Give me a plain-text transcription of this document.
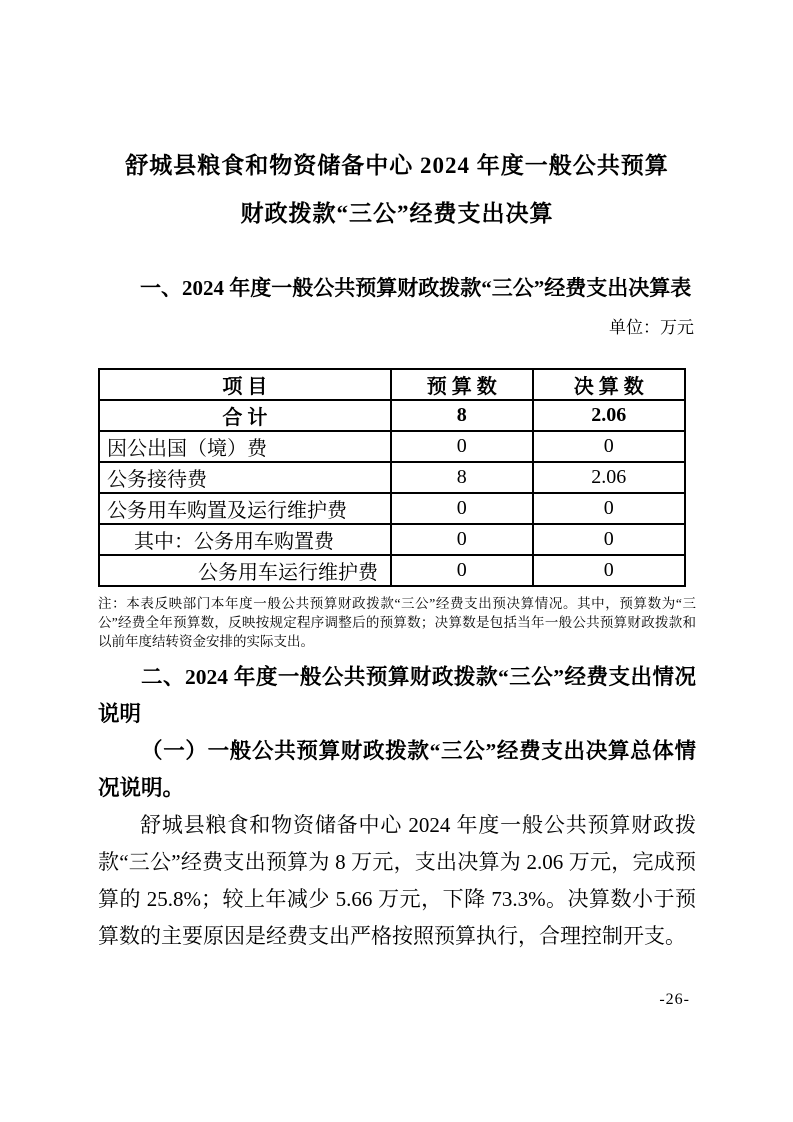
舒城县粮食和物资储备中心 2024 年度一般公共预算
财政拨款“三公”经费支出决算
一、2024 年度一般公共预算财政拨款“三公”经费支出决算表
单位：万元
项 目	预 算 数	决 算 数
合 计	8	2.06
因公出国（境）费	0	0
公务接待费	8	2.06
公务用车购置及运行维护费	0	0
其中：公务用车购置费	0	0
公务用车运行维护费	0	0
注：本表反映部门本年度一般公共预算财政拨款“三公”经费支出预决算情况。其中，预算数为“三公”经费全年预算数，反映按规定程序调整后的预算数；决算数是包括当年一般公共预算财政拨款和以前年度结转资金安排的实际支出。
二、2024 年度一般公共预算财政拨款“三公”经费支出情况说明
（一）一般公共预算财政拨款“三公”经费支出决算总体情况说明。
舒城县粮食和物资储备中心 2024 年度一般公共预算财政拨款“三公”经费支出预算为 8 万元，支出决算为 2.06 万元，完成预算的 25.8%；较上年减少 5.66 万元，下降 73.3%。决算数小于预算数的主要原因是经费支出严格按照预算执行，合理控制开支。
-26-
